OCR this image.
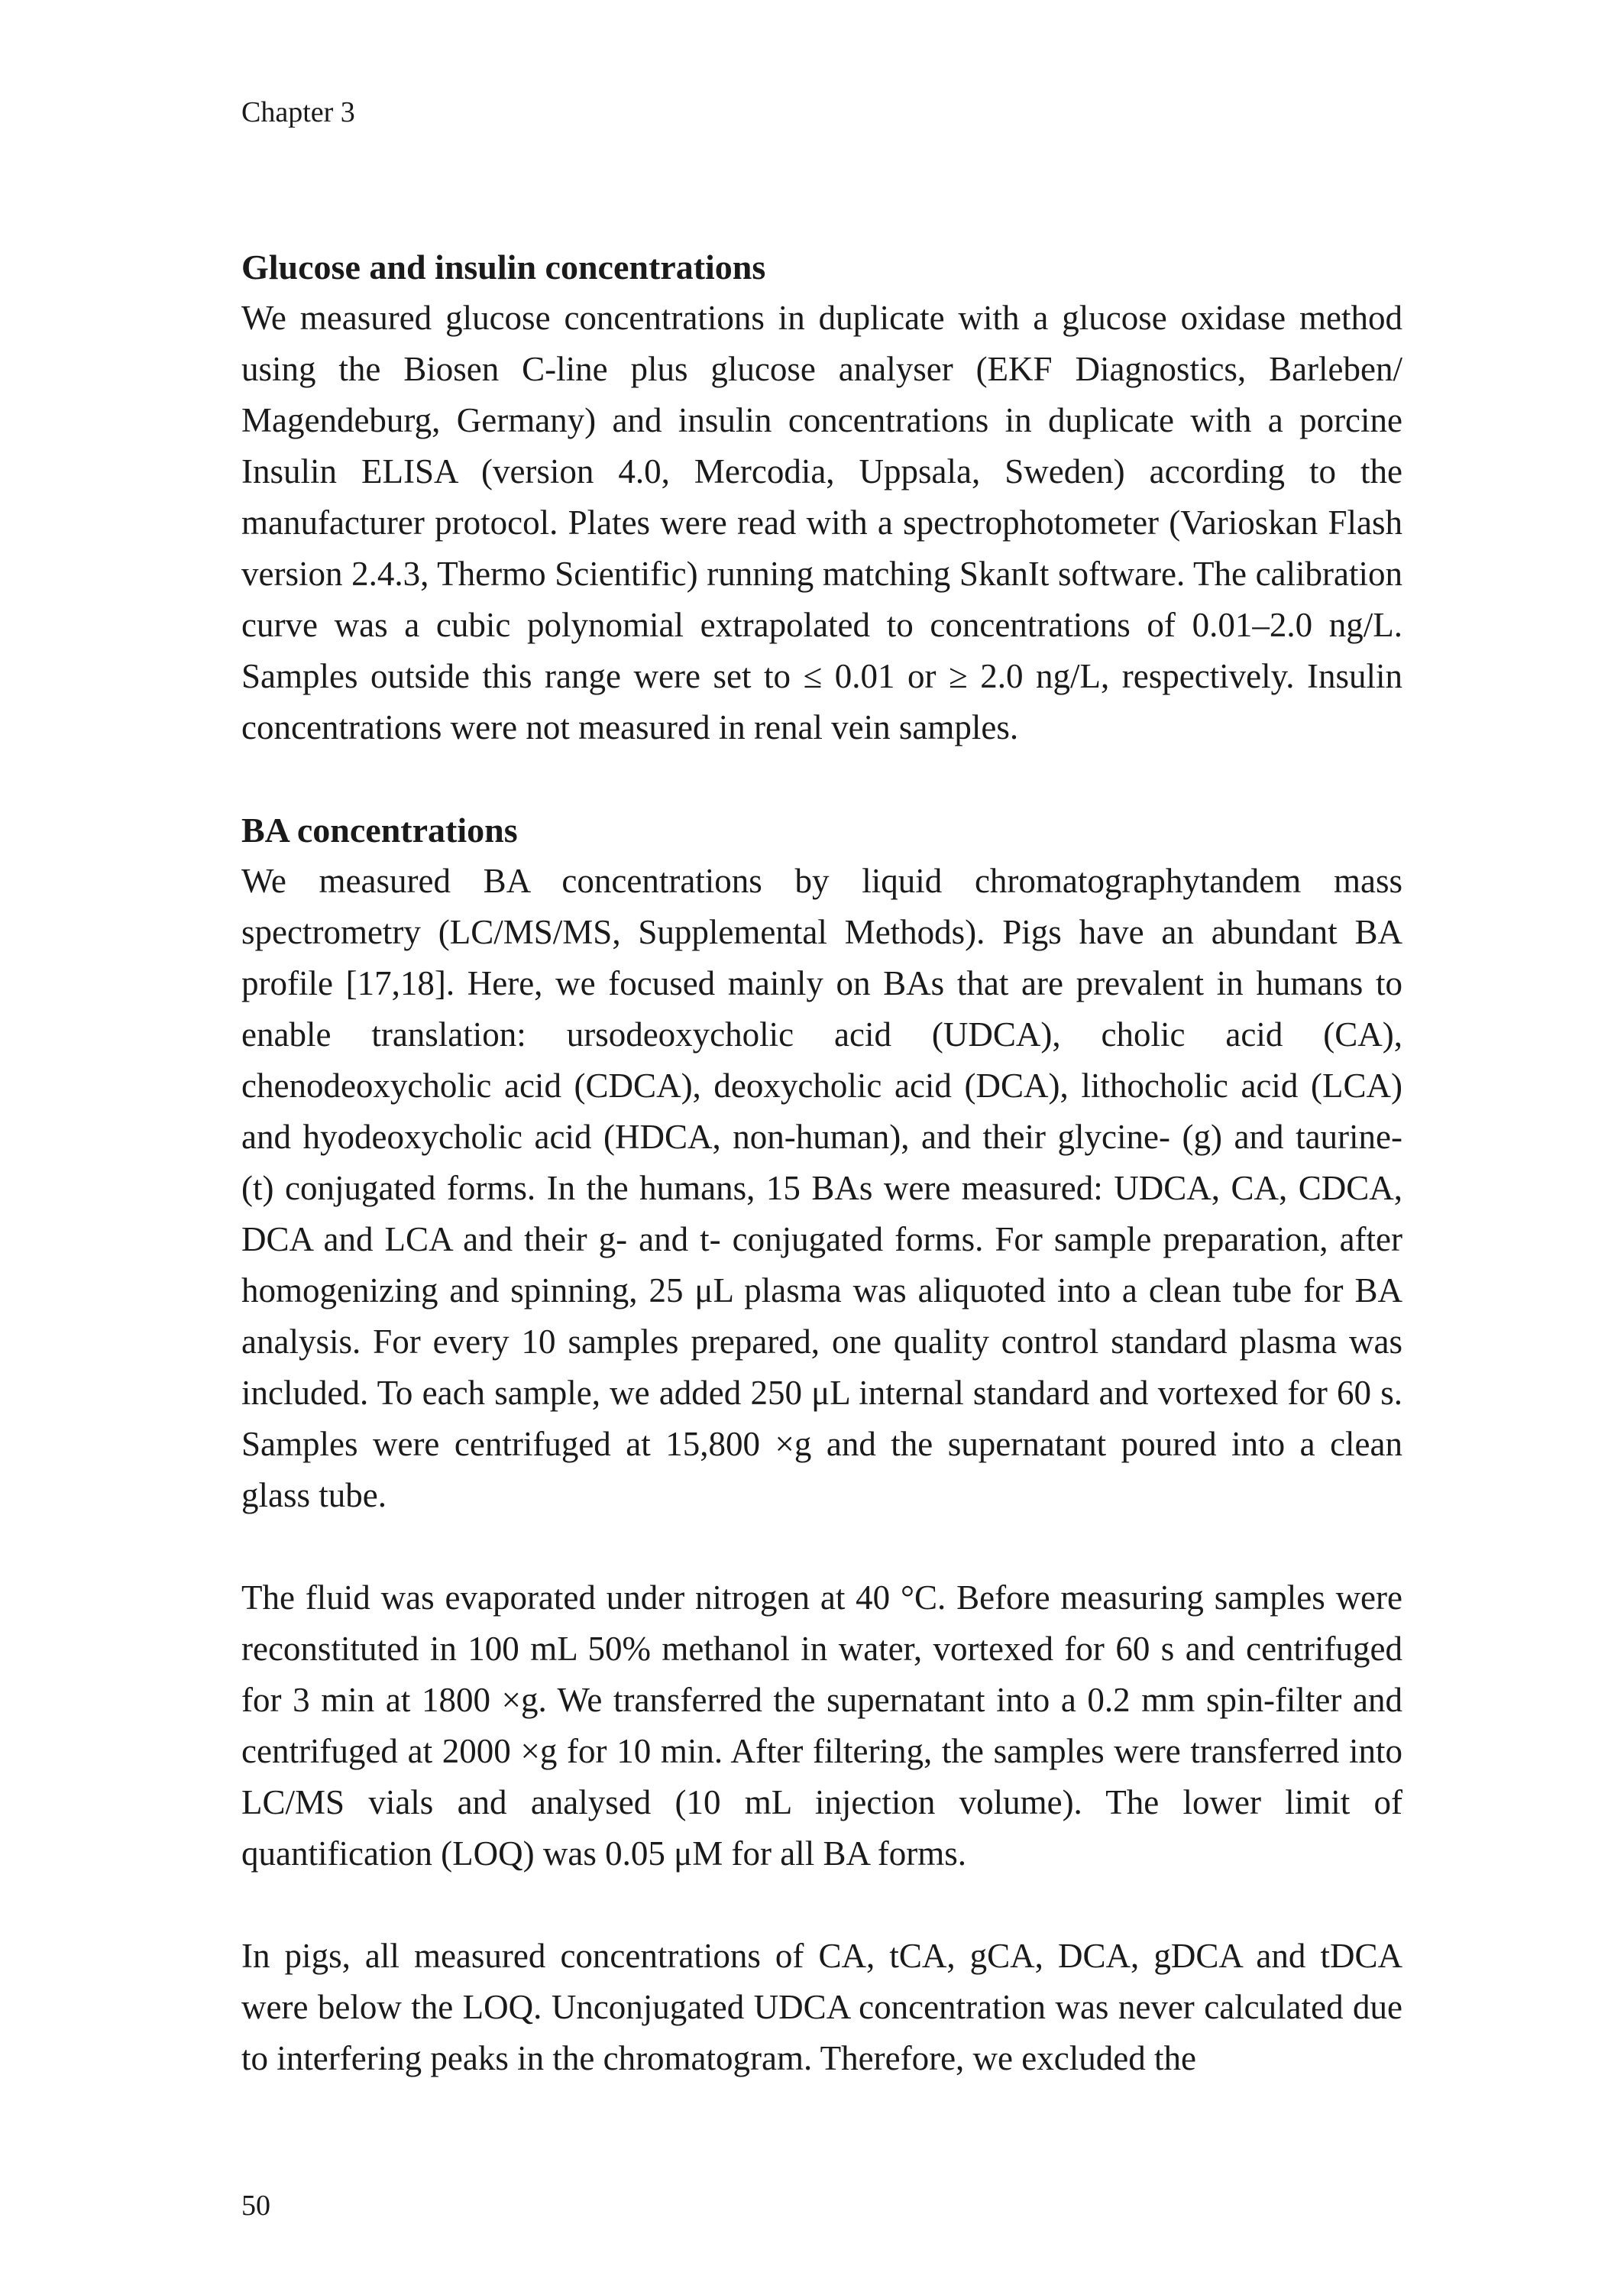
Chapter 3
Glucose and insulin concentrations

We measured glucose concentrations in duplicate with a glucose oxidase method using the Biosen C-line plus glucose analyser (EKF Diagnostics, Barleben/ Magendeburg, Germany) and insulin concentrations in duplicate with a porcine Insulin ELISA (version 4.0, Mercodia, Uppsala, Sweden) according to the manufacturer protocol. Plates were read with a spectrophotometer (Varioskan Flash version 2.4.3, Thermo Scientific) running matching SkanIt software. The calibration curve was a cubic polynomial extrapolated to concentrations of 0.01–2.0 ng/L. Samples outside this range were set to ≤ 0.01 or ≥ 2.0 ng/L, respectively. Insulin concentrations were not measured in renal vein samples.

BA concentrations

We measured BA concentrations by liquid chromatographytandem mass spectrometry (LC/MS/MS, Supplemental Methods). Pigs have an abundant BA profile [17,18]. Here, we focused mainly on BAs that are prevalent in humans to enable translation: ursodeoxycholic acid (UDCA), cholic acid (CA), chenodeoxycholic acid (CDCA), deoxycholic acid (DCA), lithocholic acid (LCA) and hyodeoxycholic acid (HDCA, non-human), and their glycine- (g) and taurine- (t) conjugated forms. In the humans, 15 BAs were measured: UDCA, CA, CDCA, DCA and LCA and their g- and t- conjugated forms. For sample preparation, after homogenizing and spinning, 25 μL plasma was aliquoted into a clean tube for BA analysis. For every 10 samples prepared, one quality control standard plasma was included. To each sample, we added 250 μL internal standard and vortexed for 60 s. Samples were centrifuged at 15,800 ×g and the supernatant poured into a clean glass tube.

The fluid was evaporated under nitrogen at 40 °C. Before measuring samples were reconstituted in 100 mL 50% methanol in water, vortexed for 60 s and centrifuged for 3 min at 1800 ×g. We transferred the supernatant into a 0.2 mm spin-filter and centrifuged at 2000 ×g for 10 min. After filtering, the samples were transferred into LC/MS vials and analysed (10 mL injection volume). The lower limit of quantification (LOQ) was 0.05 μM for all BA forms.

In pigs, all measured concentrations of CA, tCA, gCA, DCA, gDCA and tDCA were below the LOQ. Unconjugated UDCA concentration was never calculated due to interfering peaks in the chromatogram. Therefore, we excluded the

50
